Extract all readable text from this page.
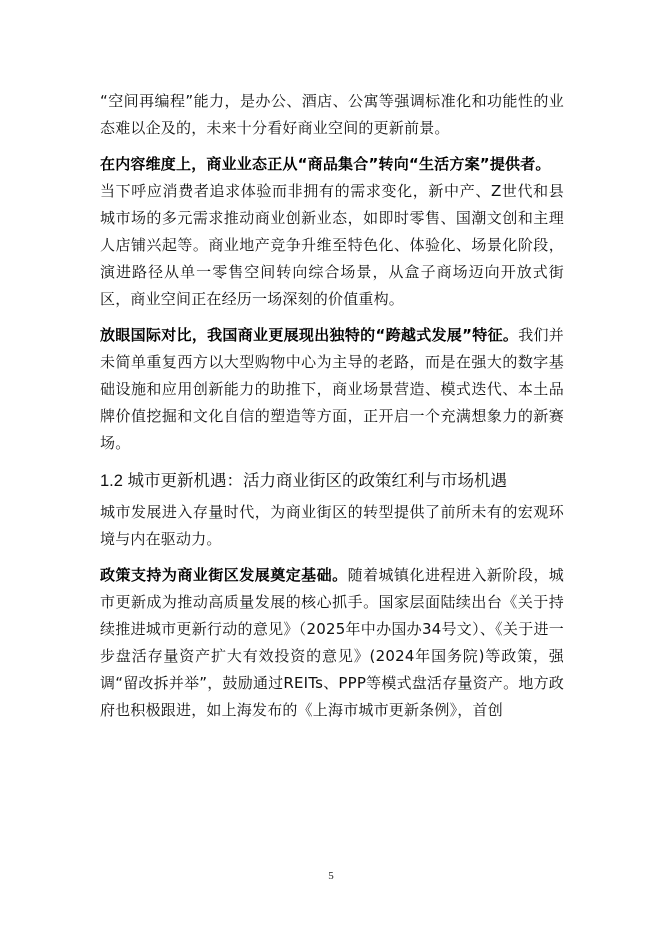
“空间再编程”能力，是办公、酒店、公寓等强调标准化和功能性的业态难以企及的，未来十分看好商业空间的更新前景。

在内容维度上，商业业态正从“商品集合”转向“生活方案”提供者。
当下呼应消费者追求体验而非拥有的需求变化，新中产、Z世代和县城市场的多元需求推动商业创新业态，如即时零售、国潮文创和主理人店铺兴起等。商业地产竞争升维至特色化、体验化、场景化阶段，演进路径从单一零售空间转向综合场景，从盒子商场迈向开放式街区，商业空间正在经历一场深刻的价值重构。

放眼国际对比，我国商业更展现出独特的“跨越式发展”特征。我们并未简单重复西方以大型购物中心为主导的老路，而是在强大的数字基础设施和应用创新能力的助推下，商业场景营造、模式迭代、本土品牌价值挖掘和文化自信的塑造等方面，正开启一个充满想象力的新赛场。

1.2 城市更新机遇：活力商业街区的政策红利与市场机遇

城市发展进入存量时代，为商业街区的转型提供了前所未有的宏观环境与内在驱动力。

政策支持为商业街区发展奠定基础。随着城镇化进程进入新阶段，城市更新成为推动高质量发展的核心抓手。国家层面陆续出台《关于持续推进城市更新行动的意见》（2025年中办国办34号文）、《关于进一步盘活存量资产扩大有效投资的意见》(2024年国务院)等政策，强调“留改拆并举”，鼓励通过REITs、PPP等模式盘活存量资产。地方政府也积极跟进，如上海发布的《上海市城市更新条例》，首创

5
